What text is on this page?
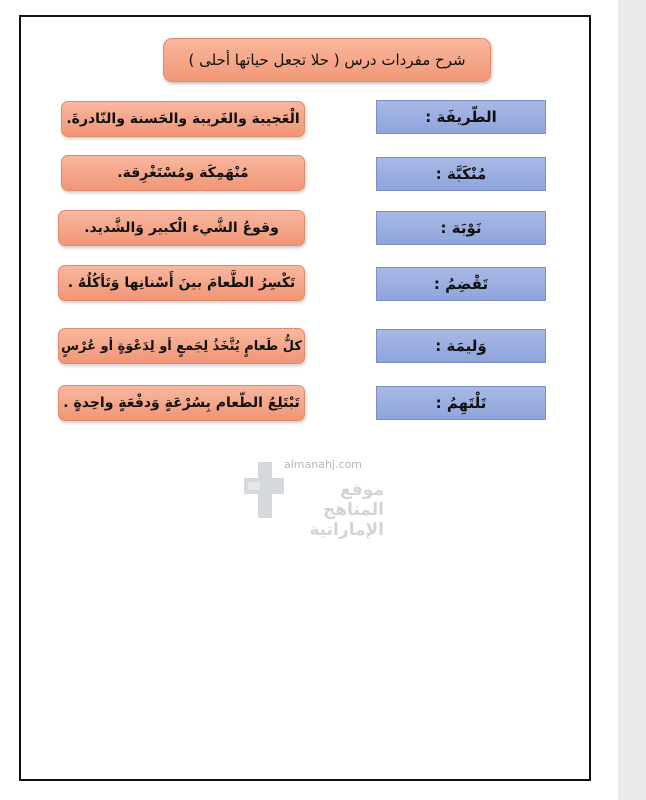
شرح مفردات درس ( حلا تجعل حياتها أحلى )
الطّريفَة :
الْعَجيبة والغَريبة والحَسنة والنّادرةَ.
مُنْكَبَّة :
مُنْهَمِكَة ومُسْتَغْرِقة.
نَوْبَة :
وقوعُ الشَّيء الْكبير وَالشَّديد.
تَقْضِمُ :
تَكْسِرُ الطَّعامَ بينَ أَسْنانِها وَتَأكُلُهُ .
وَليمَة :
كلُّ طَعامٍ يُتَّخَذُ لِجَمعٍ أو لِدَعْوَةٍ أو عُرْسٍ
تَلْتَهِمُ :
تَبْتَلِعُ الطّعام بِسُرْعَةٍ وَدفْعَةٍ واحِدةٍ .
almanahj.com
موقع المناهج الإماراتية
